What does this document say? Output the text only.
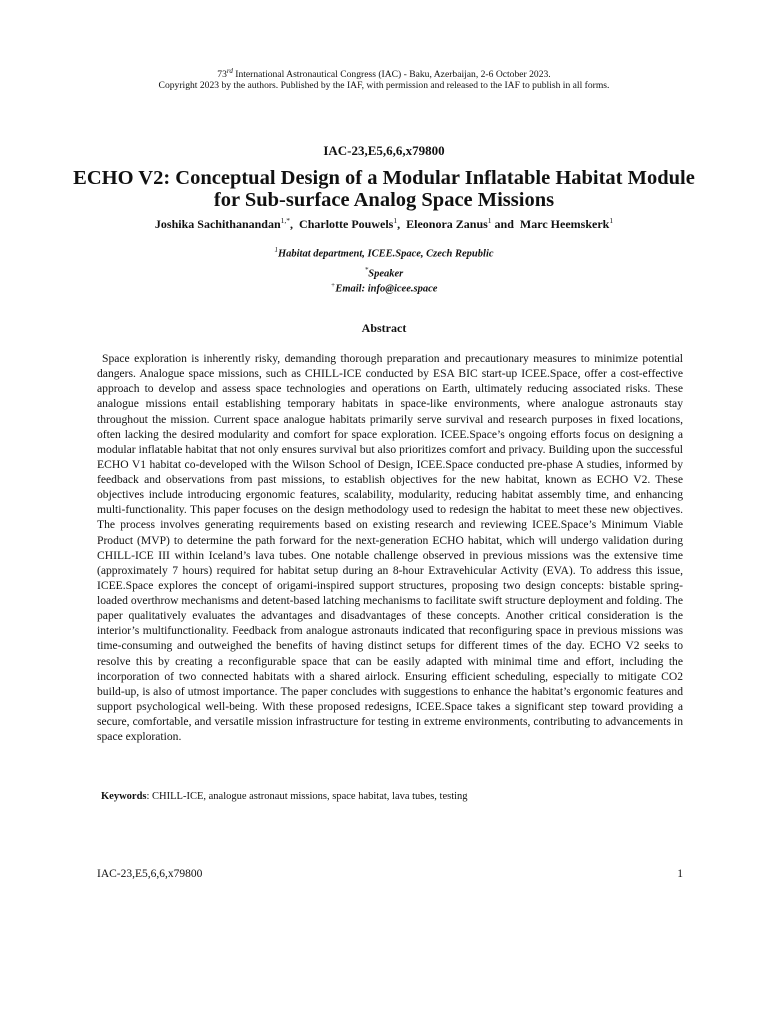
73rd International Astronautical Congress (IAC) - Baku, Azerbaijan, 2-6 October 2023.
Copyright 2023 by the authors. Published by the IAF, with permission and released to the IAF to publish in all forms.
IAC-23,E5,6,6,x79800
ECHO V2: Conceptual Design of a Modular Inflatable Habitat Module for Sub-surface Analog Space Missions
Joshika Sachithanandan$^{1,*}$, Charlotte Pouwels$^1$, Eleonora Zanus$^1$ and Marc Heemskerk$^1$
$^1$Habitat department, ICEE.Space, Czech Republic
*Speaker
+Email: info@icee.space
Abstract
Space exploration is inherently risky, demanding thorough preparation and precautionary measures to minimize potential dangers. Analogue space missions, such as CHILL-ICE conducted by ESA BIC start-up ICEE.Space, offer a cost-effective approach to develop and assess space technologies and operations on Earth, ultimately reducing associated risks. These analogue missions entail establishing temporary habitats in space-like environments, where analogue astronauts stay throughout the mission. Current space analogue habitats primarily serve survival and research purposes in fixed locations, often lacking the desired modularity and comfort for space exploration. ICEE.Space’s ongoing efforts focus on designing a modular inflatable habitat that not only ensures survival but also prioritizes comfort and privacy. Building upon the successful ECHO V1 habitat co-developed with the Wilson School of Design, ICEE.Space conducted pre-phase A studies, informed by feedback and observations from past missions, to establish objectives for the new habitat, known as ECHO V2. These objectives include introducing ergonomic features, scalability, modularity, reducing habitat assembly time, and enhancing multi-functionality. This paper focuses on the design methodology used to redesign the habitat to meet these new objectives. The process involves generating requirements based on existing research and reviewing ICEE.Space’s Minimum Viable Product (MVP) to determine the path forward for the next-generation ECHO habitat, which will undergo validation during CHILL-ICE III within Iceland’s lava tubes. One notable challenge observed in previous missions was the extensive time (approximately 7 hours) required for habitat setup during an 8-hour Extravehicular Activity (EVA). To address this issue, ICEE.Space explores the concept of origami-inspired support structures, proposing two design concepts: bistable spring-loaded overthrow mechanisms and detent-based latching mechanisms to facilitate swift structure deployment and folding. The paper qualitatively evaluates the advantages and disadvantages of these concepts. Another critical consideration is the interior’s multifunctionality. Feedback from analogue astronauts indicated that reconfiguring space in previous missions was time-consuming and outweighed the benefits of having distinct setups for different times of the day. ECHO V2 seeks to resolve this by creating a reconfigurable space that can be easily adapted with minimal time and effort, including the incorporation of two connected habitats with a shared airlock. Ensuring efficient scheduling, especially to mitigate CO2 build-up, is also of utmost importance. The paper concludes with suggestions to enhance the habitat’s ergonomic features and support psychological well-being. With these proposed redesigns, ICEE.Space takes a significant step toward providing a secure, comfortable, and versatile mission infrastructure for testing in extreme environments, contributing to advancements in space exploration.
Keywords: CHILL-ICE, analogue astronaut missions, space habitat, lava tubes, testing
IAC-23,E5,6,6,x79800	1
